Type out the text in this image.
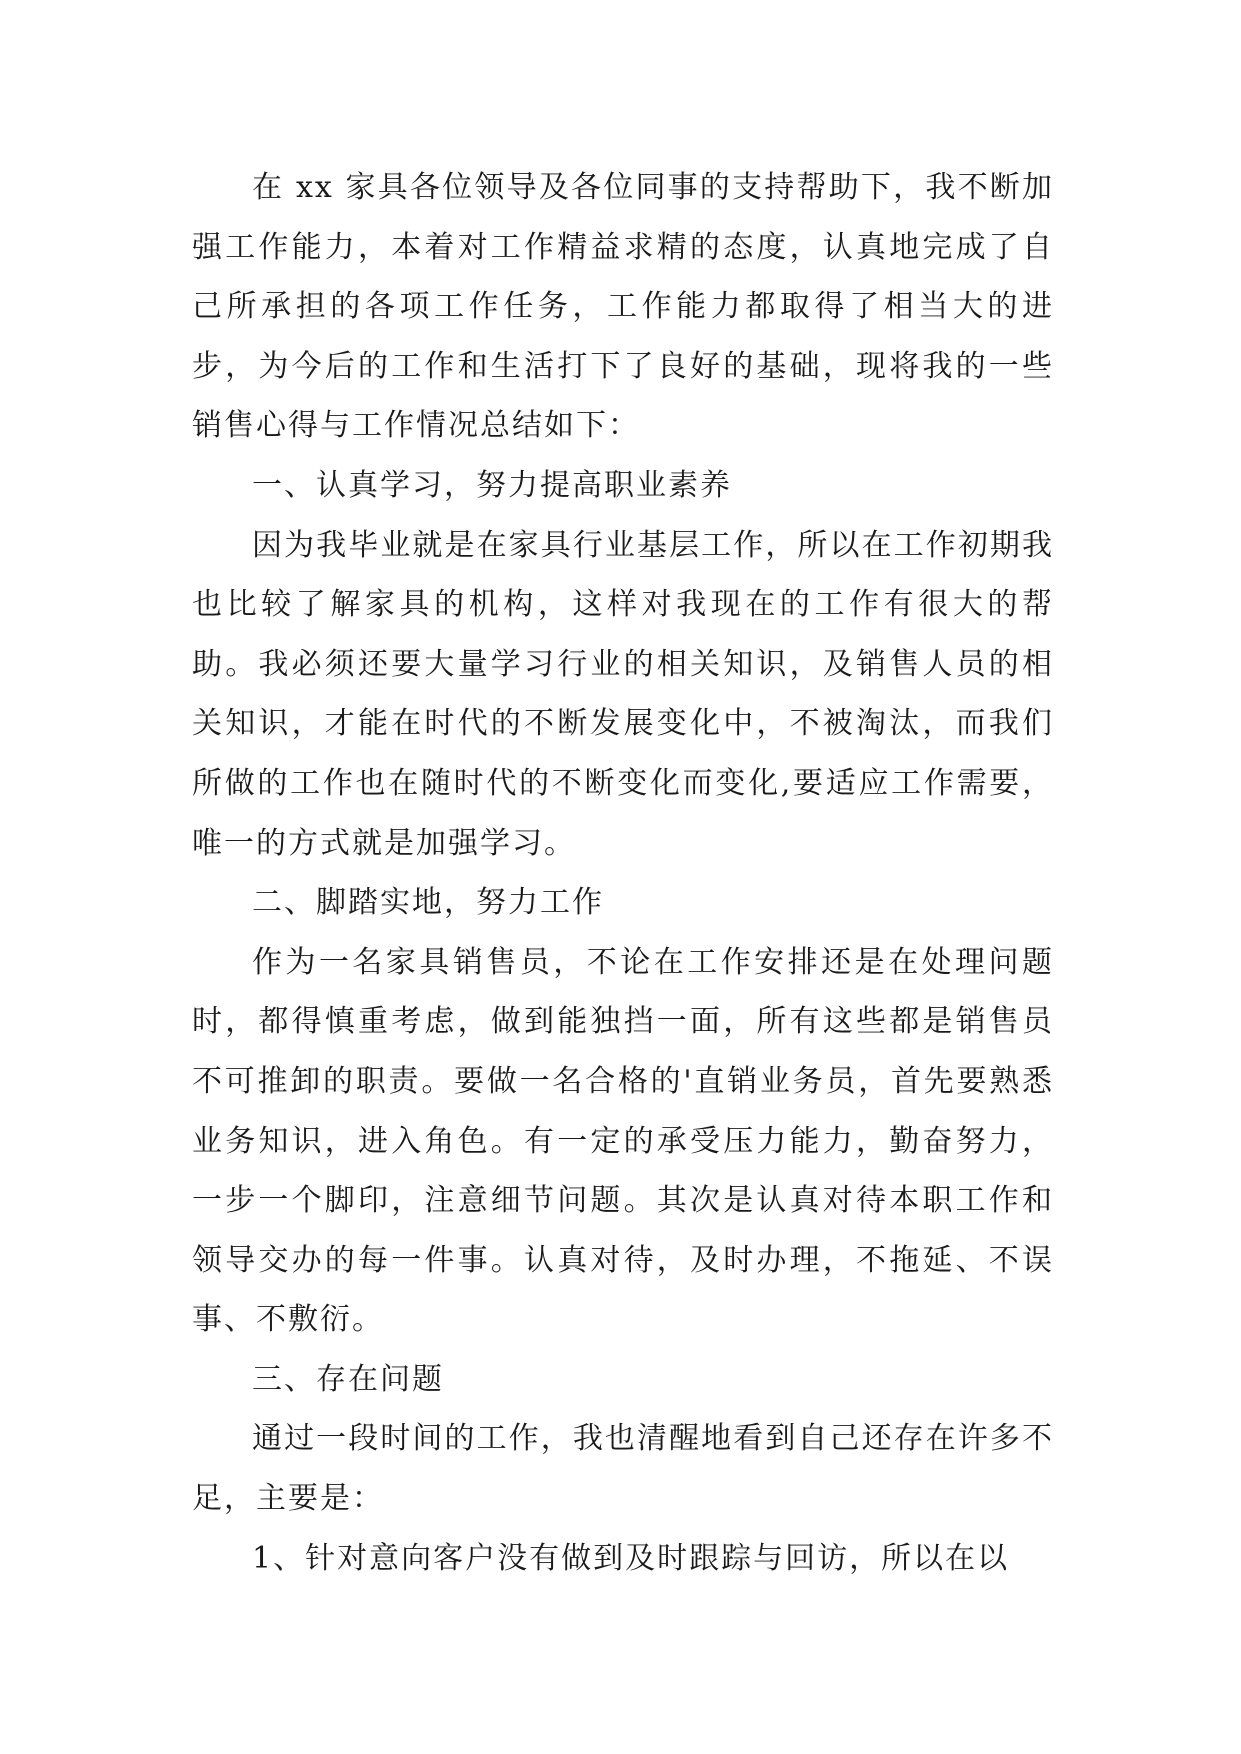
在 xx 家具各位领导及各位同事的支持帮助下，我不断加强工作能力，本着对工作精益求精的态度，认真地完成了自己所承担的各项工作任务，工作能力都取得了相当大的进步，为今后的工作和生活打下了良好的基础，现将我的一些销售心得与工作情况总结如下：

一、认真学习，努力提高职业素养

因为我毕业就是在家具行业基层工作，所以在工作初期我也比较了解家具的机构，这样对我现在的工作有很大的帮助。我必须还要大量学习行业的相关知识，及销售人员的相关知识，才能在时代的不断发展变化中，不被淘汰，而我们所做的工作也在随时代的不断变化而变化,要适应工作需要，唯一的方式就是加强学习。

二、脚踏实地，努力工作

作为一名家具销售员，不论在工作安排还是在处理问题时，都得慎重考虑，做到能独挡一面，所有这些都是销售员不可推卸的职责。要做一名合格的'直销业务员，首先要熟悉业务知识，进入角色。有一定的承受压力能力，勤奋努力，一步一个脚印，注意细节问题。其次是认真对待本职工作和领导交办的每一件事。认真对待，及时办理，不拖延、不误事、不敷衍。

三、存在问题

通过一段时间的工作，我也清醒地看到自己还存在许多不足，主要是：

1、针对意向客户没有做到及时跟踪与回访，所以在以
